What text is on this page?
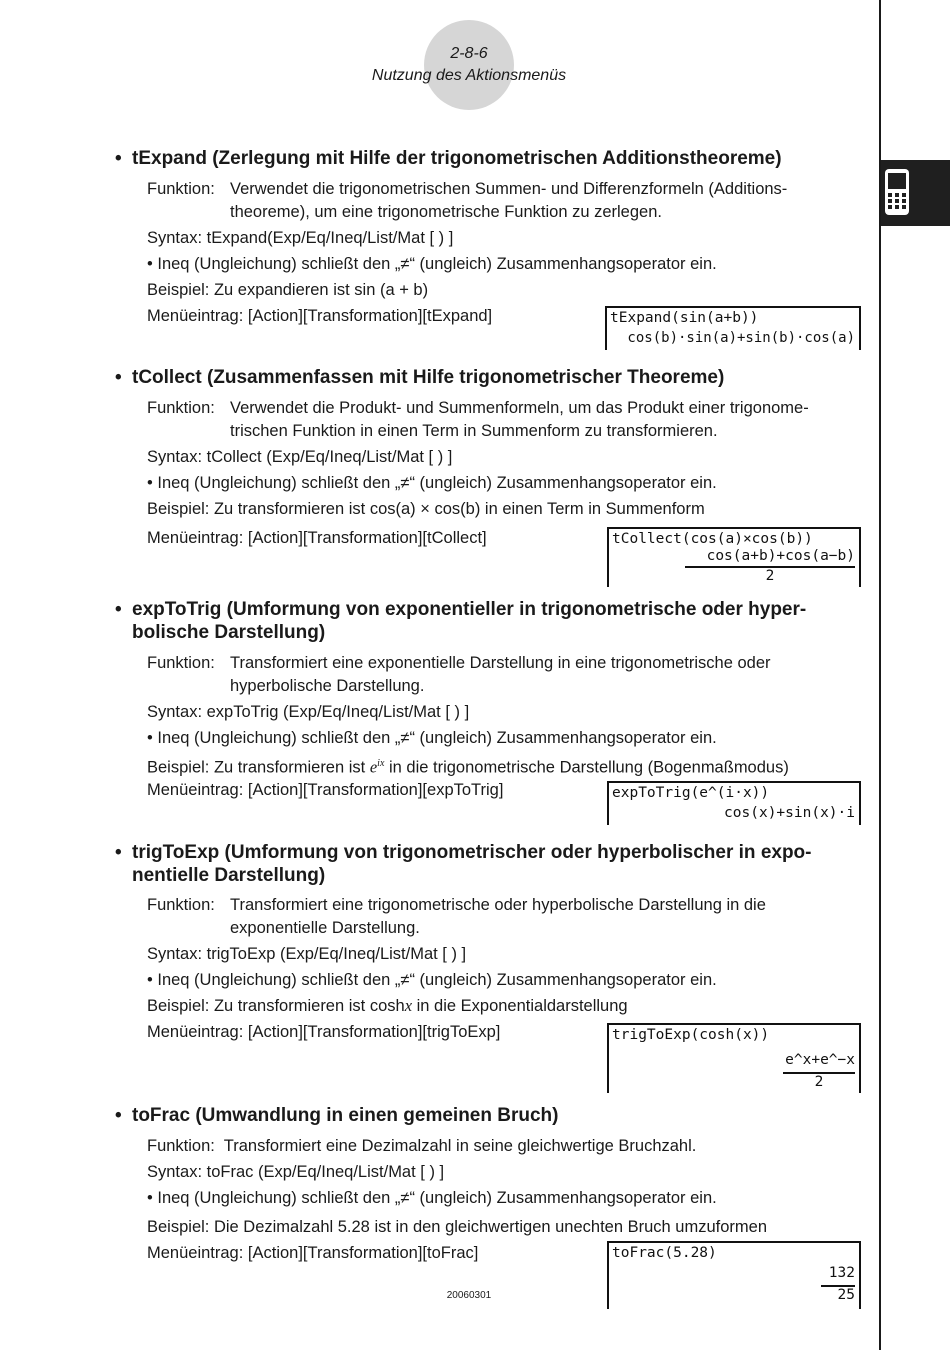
2-8-6
Nutzung des Aktionsmenüs
• tExpand (Zerlegung mit Hilfe der trigonometrischen Additionstheoreme)
Funktion: Verwendet die trigonometrischen Summen- und Differenzformeln (Additions-
theoreme), um eine trigonometrische Funktion zu zerlegen.
Syntax: tExpand(Exp/Eq/Ineq/List/Mat [ ) ]
• Ineq (Ungleichung) schließt den „≠“ (ungleich) Zusammenhangsoperator ein.
Beispiel: Zu expandieren ist sin (a + b)
Menüeintrag: [Action][Transformation][tExpand]	tExpand(sin(a+b))
cos(b)·sin(a)+sin(b)·cos(a)
• tCollect (Zusammenfassen mit Hilfe trigonometrischer Theoreme)
Funktion: Verwendet die Produkt- und Summenformeln, um das Produkt einer trigonome-
trischen Funktion in einen Term in Summenform zu transformieren.
Syntax: tCollect (Exp/Eq/Ineq/List/Mat [ ) ]
• Ineq (Ungleichung) schließt den „≠“ (ungleich) Zusammenhangsoperator ein.
Beispiel: Zu transformieren ist cos(a) × cos(b) in einen Term in Summenform
Menüeintrag: [Action][Transformation][tCollect]	tCollect(cos(a)×cos(b))
cos(a+b)+cos(a−b)
2
• expToTrig (Umformung von exponentieller in trigonometrische oder hyper-
bolische Darstellung)
Funktion: Transformiert eine exponentielle Darstellung in eine trigonometrische oder
hyperbolische Darstellung.
Syntax: expToTrig (Exp/Eq/Ineq/List/Mat [ ) ]
• Ineq (Ungleichung) schließt den „≠“ (ungleich) Zusammenhangsoperator ein.
Beispiel: Zu transformieren ist $e^{ix}$ in die trigonometrische Darstellung (Bogenmaßmodus)
Menüeintrag: [Action][Transformation][expToTrig]	expToTrig(e^(i·x))
cos(x)+sin(x)·i
• trigToExp (Umformung von trigonometrischer oder hyperbolischer in expo-
nentielle Darstellung)
Funktion: Transformiert eine trigonometrische oder hyperbolische Darstellung in die
exponentielle Darstellung.
Syntax: trigToExp (Exp/Eq/Ineq/List/Mat [ ) ]
• Ineq (Ungleichung) schließt den „≠“ (ungleich) Zusammenhangsoperator ein.
Beispiel: Zu transformieren ist coshx in die Exponentialdarstellung
Menüeintrag: [Action][Transformation][trigToExp]	trigToExp(cosh(x))
e^x+e^−x
2
• toFrac (Umwandlung in einen gemeinen Bruch)
Funktion: Transformiert eine Dezimalzahl in seine gleichwertige Bruchzahl.
Syntax: toFrac (Exp/Eq/Ineq/List/Mat [ ) ]
• Ineq (Ungleichung) schließt den „≠“ (ungleich) Zusammenhangsoperator ein.
Beispiel: Die Dezimalzahl 5.28 ist in den gleichwertigen unechten Bruch umzuformen
Menüeintrag: [Action][Transformation][toFrac]	toFrac(5.28)
132
25
20060301
